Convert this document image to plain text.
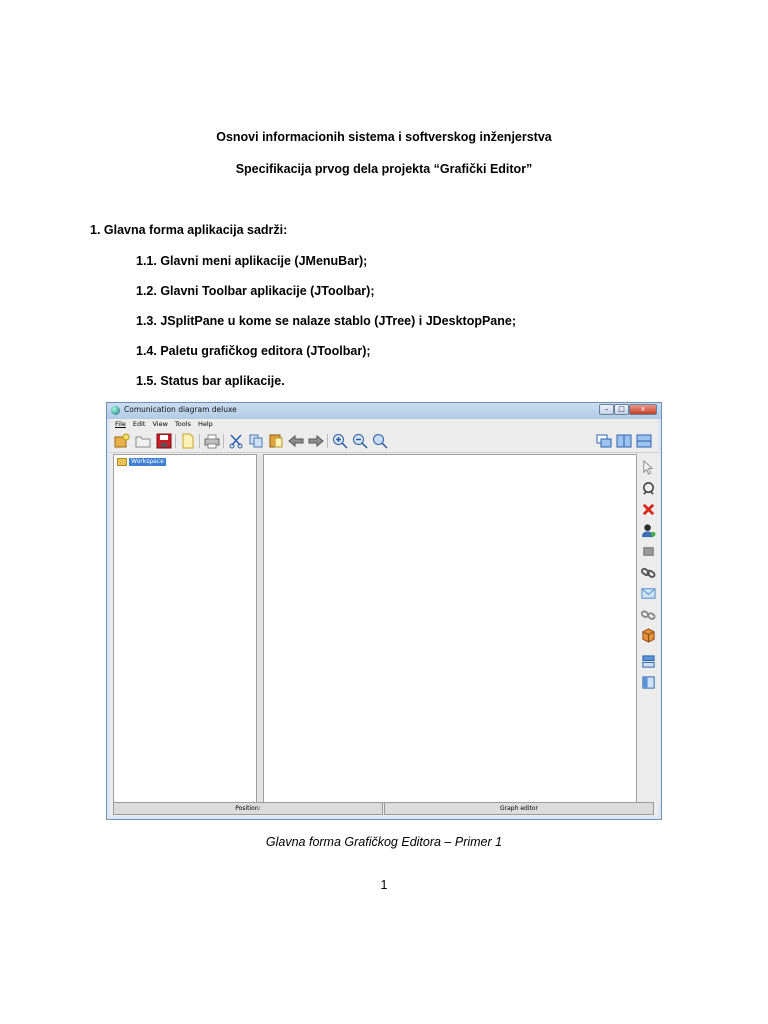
Osnovi informacionih sistema i softverskog inženjerstva
Specifikacija prvog dela projekta “Grafički Editor”
1. Glavna forma aplikacija sadrži:
1.1. Glavni meni aplikacije (JMenuBar);
1.2. Glavni Toolbar aplikacije (JToolbar);
1.3. JSplitPane u kome se nalaze stablo (JTree) i JDesktopPane;
1.4. Paletu grafičkog editora (JToolbar);
1.5. Status bar aplikacije.
Comunication diagram deluxe	–	□	x
File Edit View Tools Help
Workspace
Position:	Graph editor
Glavna forma Grafičkog Editora – Primer 1
1
